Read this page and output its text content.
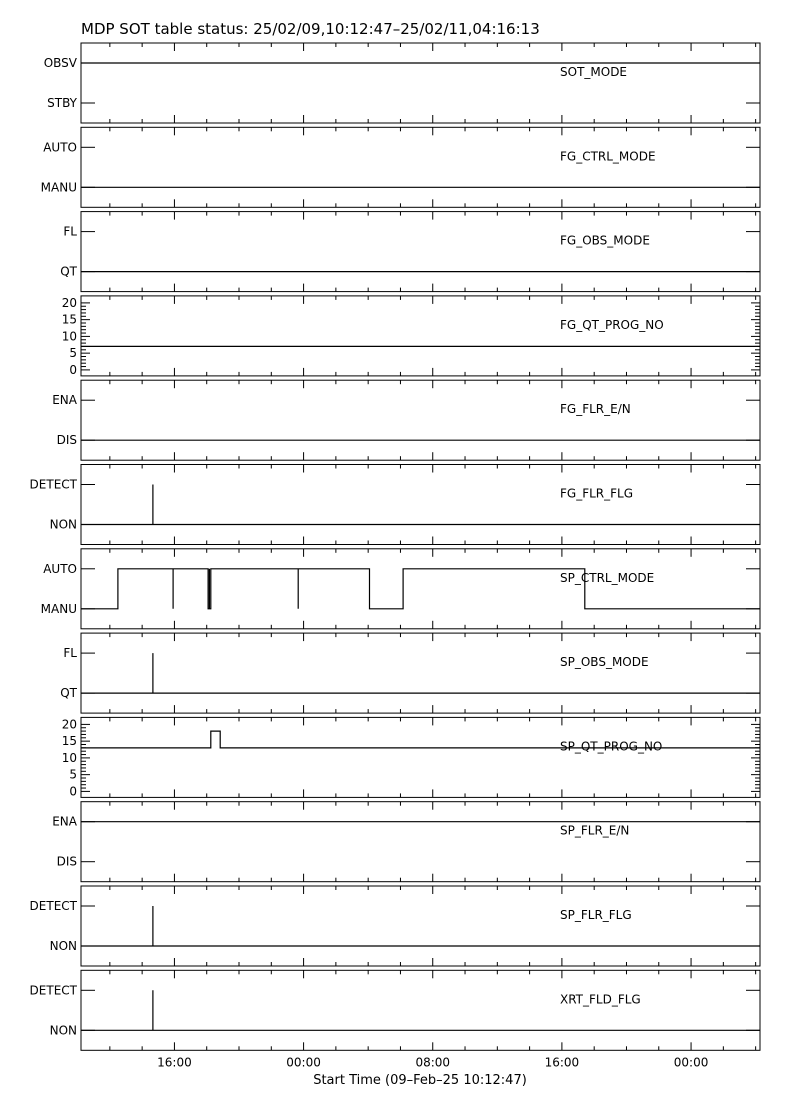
MDP SOT table status: 25/02/09,10:12:47–25/02/11,04:16:13
OBSV
STBY
SOT_MODE
AUTO
MANU
FG_CTRL_MODE
FL
QT
FG_OBS_MODE
20
15
10
5
0
FG_QT_PROG_NO
ENA
DIS
FG_FLR_E/N
DETECT
NON
FG_FLR_FLG
AUTO
MANU
SP_CTRL_MODE
FL
QT
SP_OBS_MODE
20
15
10
5
0
SP_QT_PROG_NO
ENA
DIS
SP_FLR_E/N
DETECT
NON
SP_FLR_FLG
DETECT
NON
XRT_FLD_FLG
16:00	00:00	08:00	16:00	00:00
Start Time (09–Feb–25 10:12:47)
